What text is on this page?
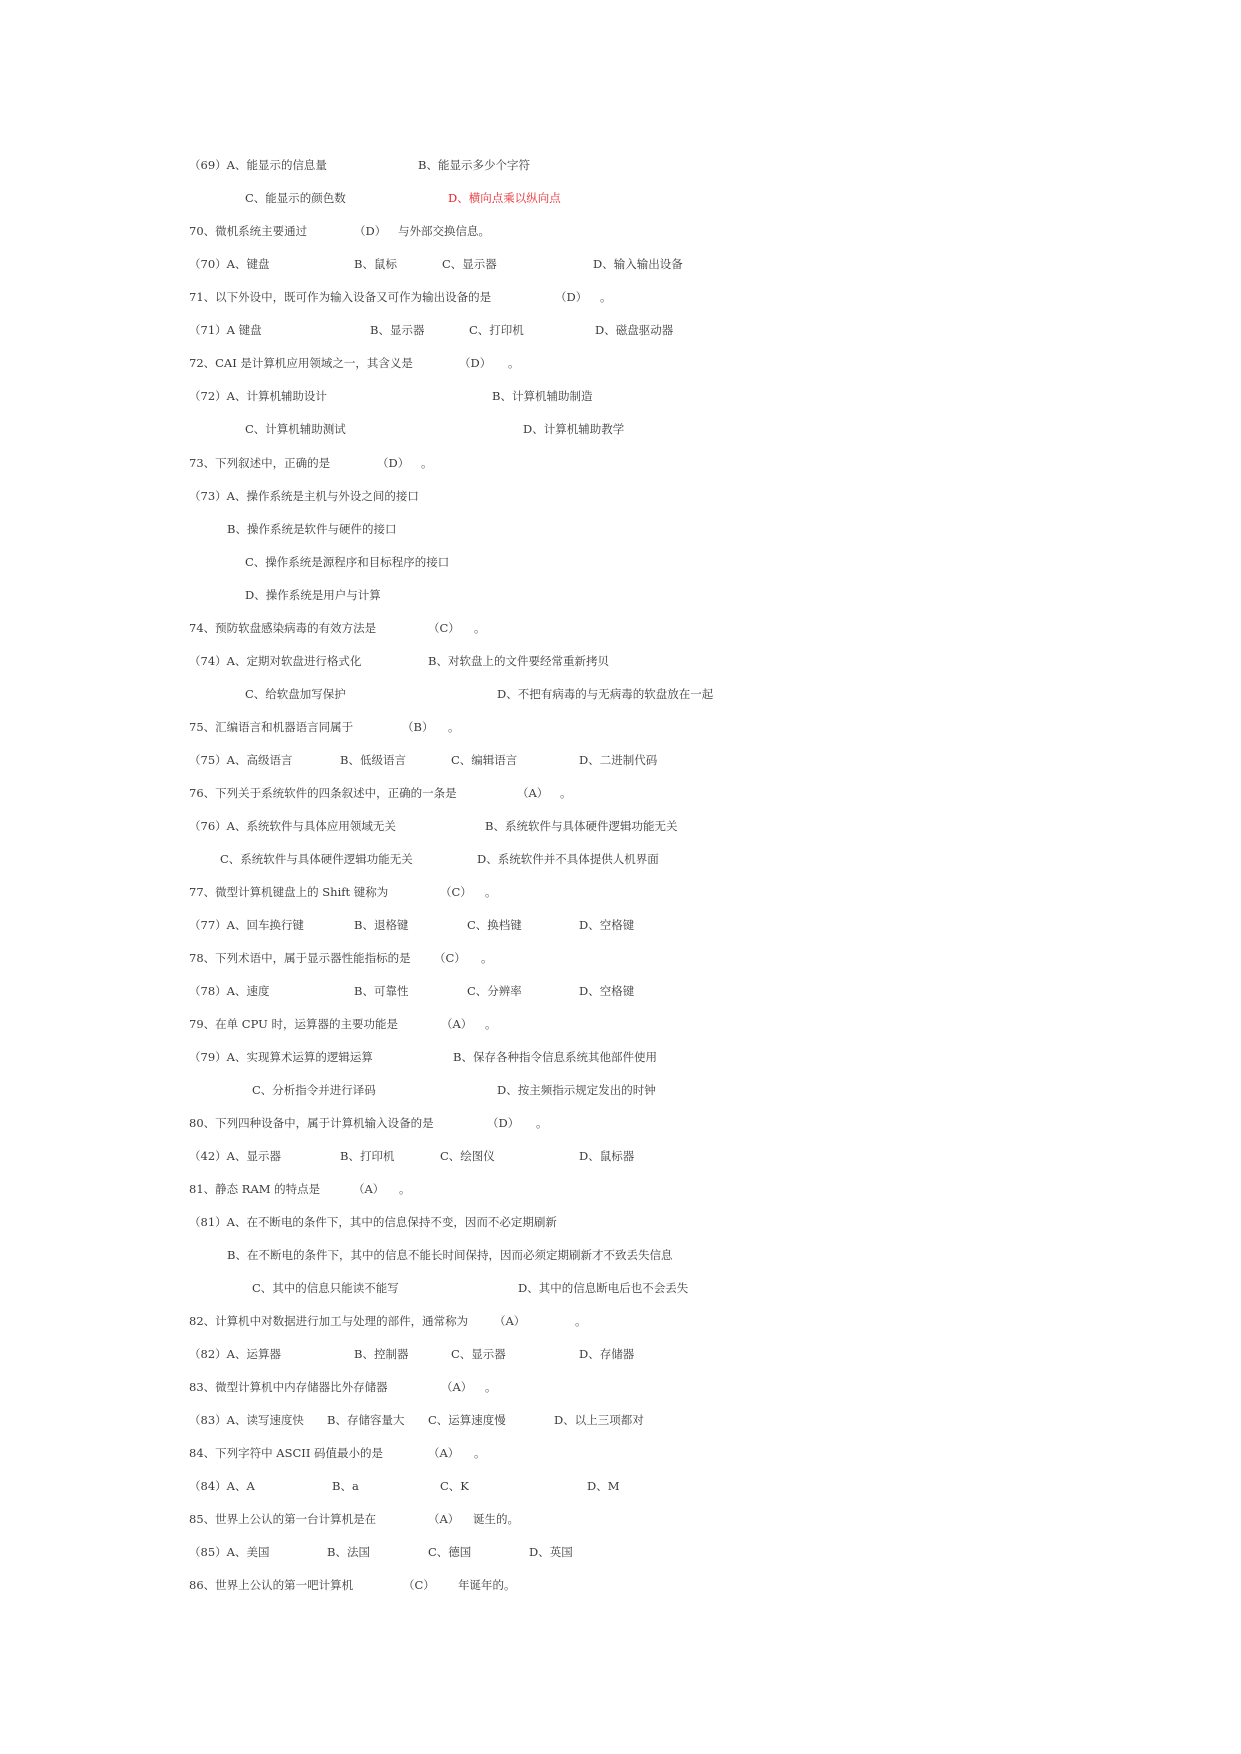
（69）A、能显示的信息量	B、能显示多少个字符
C、能显示的颜色数	D、横向点乘以纵向点
70、微机系统主要通过	（D） 与外部交换信息。
（70）A、键盘	B、鼠标	C、显示器	D、输入输出设备
71、以下外设中，既可作为输入设备又可作为输出设备的是	（D） 。
（71）A 键盘	B、显示器	C、打印机	D、磁盘驱动器
72、CAI 是计算机应用领域之一，其含义是	（D） 。
（72）A、计算机辅助设计	B、计算机辅助制造
C、计算机辅助测试	D、计算机辅助教学
73、下列叙述中，正确的是	（D） 。
（73）A、操作系统是主机与外设之间的接口
B、操作系统是软件与硬件的接口
C、操作系统是源程序和目标程序的接口
D、操作系统是用户与计算
74、预防软盘感染病毒的有效方法是	（C） 。
（74）A、定期对软盘进行格式化	B、对软盘上的文件要经常重新拷贝
C、给软盘加写保护	D、不把有病毒的与无病毒的软盘放在一起
75、汇编语言和机器语言同属于	（B） 。
（75）A、高级语言	B、低级语言	C、编辑语言	D、二进制代码
76、下列关于系统软件的四条叙述中，正确的一条是	（A） 。
（76）A、系统软件与具体应用领域无关	B、系统软件与具体硬件逻辑功能无关
C、系统软件与具体硬件逻辑功能无关	D、系统软件并不具体提供人机界面
77、微型计算机键盘上的 Shift 键称为	（C） 。
（77）A、回车换行键	B、退格键	C、换档键	D、空格键
78、下列术语中，属于显示器性能指标的是 （C） 。
（78）A、速度	B、可靠性	C、分辨率	D、空格键
79、在单 CPU 时，运算器的主要功能是	（A） 。
（79）A、实现算术运算的逻辑运算	B、保存各种指令信息系统其他部件使用
C、分析指令并进行译码	D、按主频指示规定发出的时钟
80、下列四种设备中，属于计算机输入设备的是	（D） 。
（42）A、显示器	B、打印机	C、绘图仪	D、鼠标器
81、静态 RAM 的特点是	（A） 。
（81）A、在不断电的条件下，其中的信息保持不变，因而不必定期刷新
B、在不断电的条件下，其中的信息不能长时间保持，因而必须定期刷新才不致丢失信息
C、其中的信息只能读不能写	D、其中的信息断电后也不会丢失
82、计算机中对数据进行加工与处理的部件，通常称为 （A）	。
（82）A、运算器	B、控制器	C、显示器	D、存储器
83、微型计算机中内存储器比外存储器	（A） 。
（83）A、读写速度快 B、存储容量大 C、运算速度慢	D、以上三项都对
84、下列字符中 ASCII 码值最小的是	（A） 。
（84）A、A	B、a	C、K	D、M
85、世界上公认的第一台计算机是在	（A） 诞生的。
（85）A、美国	B、法国	C、德国	D、英国
86、世界上公认的第一吧计算机	（C） 年诞年的。
